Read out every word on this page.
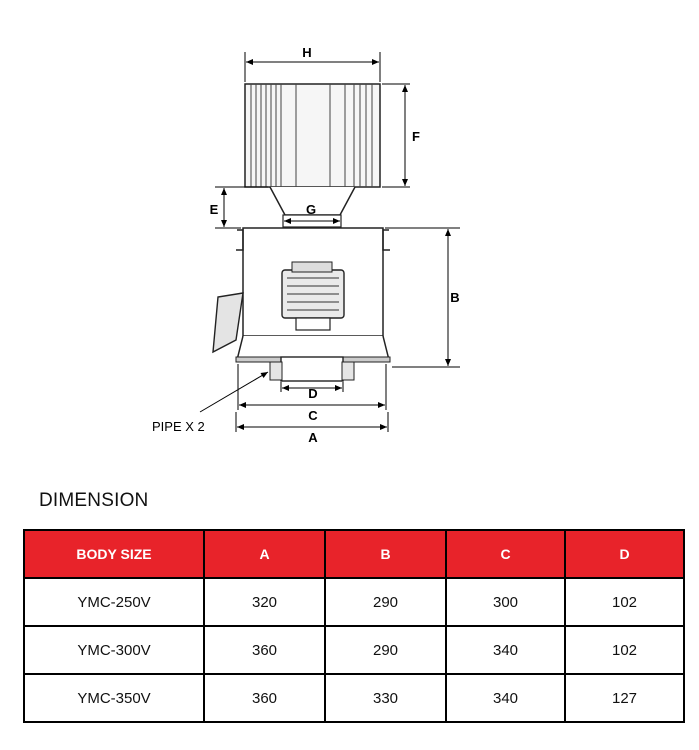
H
F
E	G
B
D
C
A
PIPE X 2
DIMENSION
BODY SIZE	A	B	C	D
YMC-250V	320	290	300	102
YMC-300V	360	290	340	102
YMC-350V	360	330	340	127
